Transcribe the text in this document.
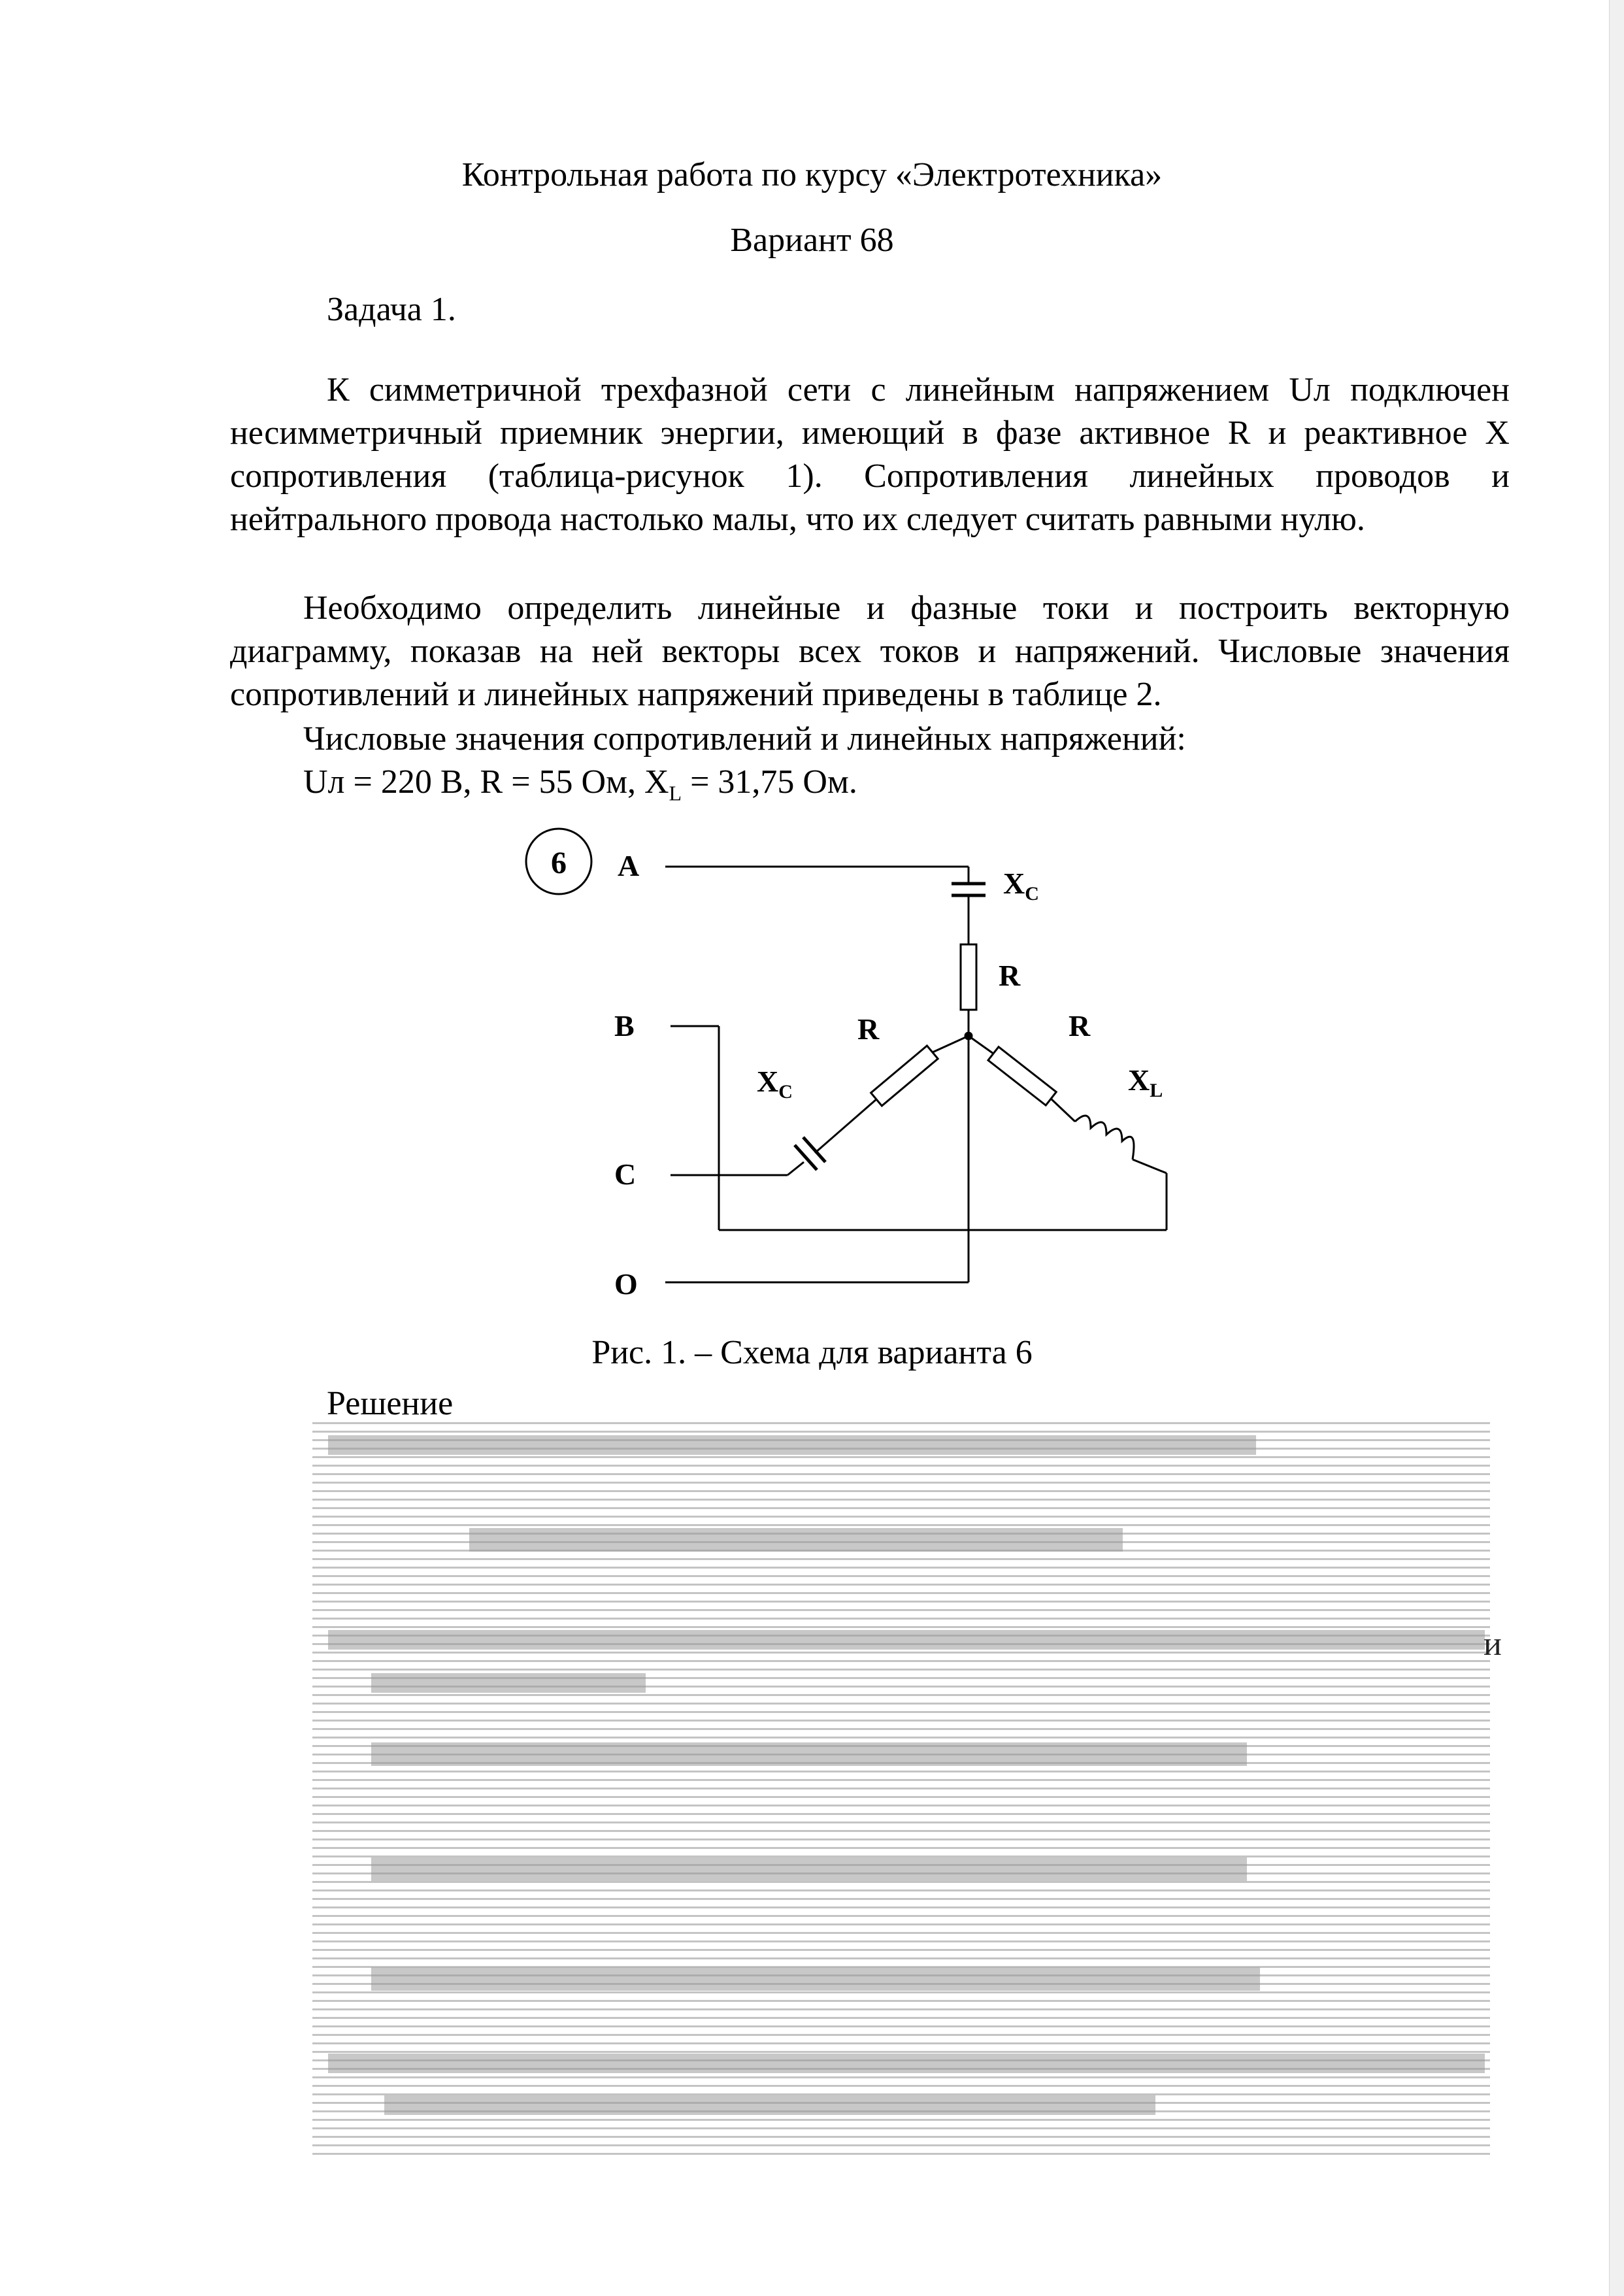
Контрольная работа по курсу «Электротехника»
Вариант 68
Задача 1.
К симметричной трехфазной сети с линейным напряжением Uл подключен несимметричный приемник энергии, имеющий в фазе активное R и реактивное X сопротивления (таблица-рисунок 1). Сопротивления линейных проводов и нейтрального провода настолько малы, что их следует считать равными нулю.
Необходимо определить линейные и фазные токи и построить векторную диаграмму, показав на ней векторы всех токов и напряжений. Числовые значения сопротивлений и линейных напряжений приведены в таблице 2.
Числовые значения сопротивлений и линейных напряжений:
Uл = 220 В, R = 55 Ом, $X_L = 31,75$ Ом.
6 A
B
C
O
R
R	R
$X_C$
$X_C$	$X_L$
Рис. 1. – Схема для варианта 6
Решение
и
